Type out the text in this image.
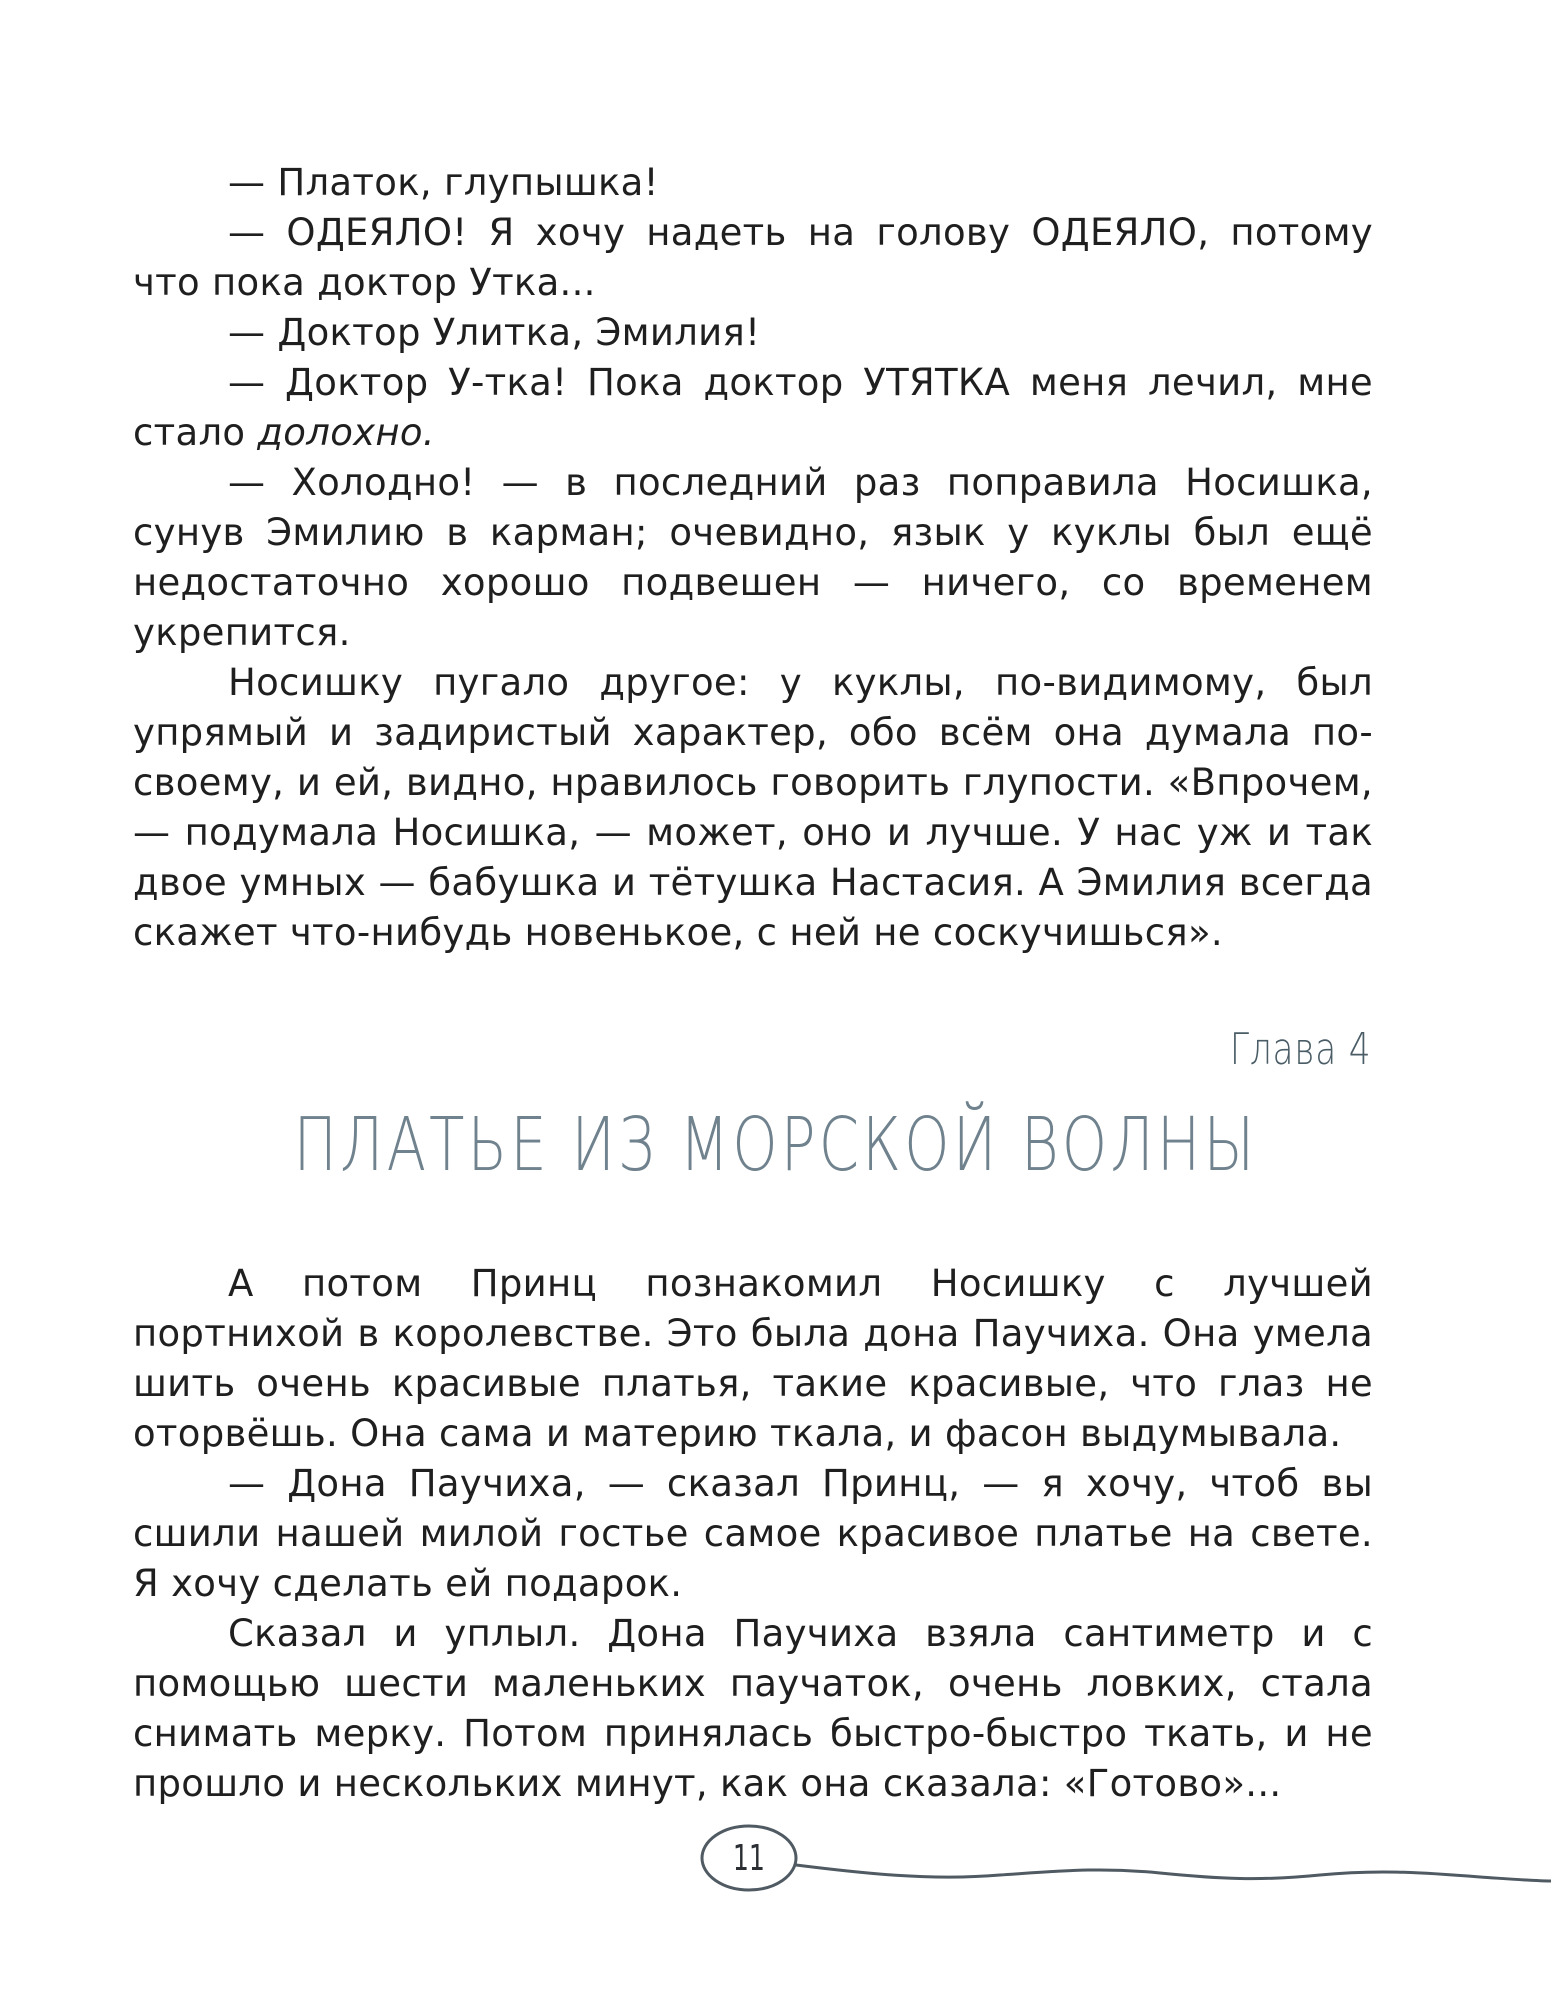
— Платок, глупышка!

— ОДЕЯЛО! Я хочу надеть на голову ОДЕЯЛО, потому что пока доктор Утка...

— Доктор Улитка, Эмилия!

— Доктор У-тка! Пока доктор УТЯТКА меня лечил, мне стало долохно.

— Холодно! — в последний раз поправила Носишка, сунув Эмилию в карман; очевидно, язык у куклы был ещё недостаточно хорошо подвешен — ничего, со временем укрепится.

Носишку пугало другое: у куклы, по-видимому, был упрямый и задиристый характер, обо всём она думала по-своему, и ей, видно, нравилось говорить глупости. «Впрочем, — подумала Носишка, — может, оно и лучше. У нас уж и так двое умных — бабушка и тётушка Настасия. А Эмилия всегда скажет что-нибудь новенькое, с ней не соскучишься».

Глава 4
ПЛАТЬЕ ИЗ МОРСКОЙ ВОЛНЫ

А потом Принц познакомил Носишку с лучшей портнихой в королевстве. Это была дона Паучиха. Она умела шить очень красивые платья, такие красивые, что глаз не оторвёшь. Она сама и материю ткала, и фасон выдумывала.

— Дона Паучиха, — сказал Принц, — я хочу, чтоб вы сшили нашей милой гостье самое красивое платье на свете. Я хочу сделать ей подарок.

Сказал и уплыл. Дона Паучиха взяла сантиметр и с помощью шести маленьких паучаток, очень ловких, стала снимать мерку. Потом принялась быстро-быстро ткать, и не прошло и нескольких минут, как она сказала: «Готово»...

11
